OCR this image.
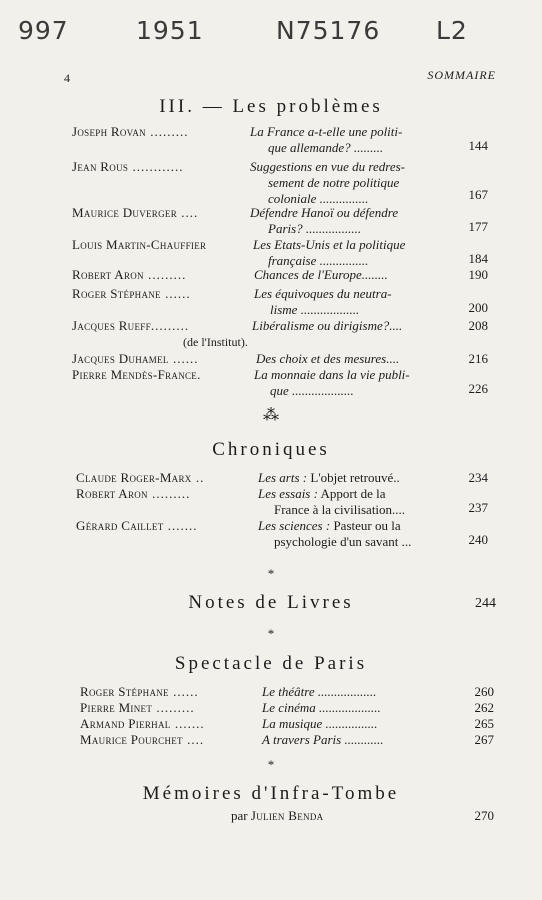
997	1951	N75176 L2
4	SOMMAIRE
III. — Les problèmes
Joseph Rovan .........	La France a-t-elle une politi-
que allemande? .........	144
Jean Rous ............	Suggestions en vue du redres-
sement de notre politique
coloniale ...............	167
Maurice Duverger ....	Défendre Hanoï ou défendre
Paris? .................	177
Louis Martin-Chauffier	Les Etats-Unis et la politique
française ...............	184
Robert Aron .........	Chances de l'Europe........	190
Roger Stéphane ......	Les équivoques du neutra-
lisme ..................	200
Jacques Rueff.........	Libéralisme ou dirigisme?....	208
(de l'Institut).
Jacques Duhamel ......	Des choix et des mesures....	216
Pierre Mendès-France.	La monnaie dans la vie publi-
que ...................	226
⁂
Chroniques
Claude Roger-Marx ..	Les arts : L'objet retrouvé..	234
Robert Aron .........	Les essais : Apport de la
France à la civilisation....	237
Gérard Caillet .......	Les sciences : Pasteur ou la
psychologie d'un savant ...	240
*
Notes de Livres	244
*
Spectacle de Paris
Roger Stéphane ......	Le théâtre ..................	260
Pierre Minet .........	Le cinéma ...................	262
Armand Pierhal .......	La musique ................	265
Maurice Pourchet ....	A travers Paris ............	267
*
Mémoires d'Infra-Tombe
par Julien Benda	270
